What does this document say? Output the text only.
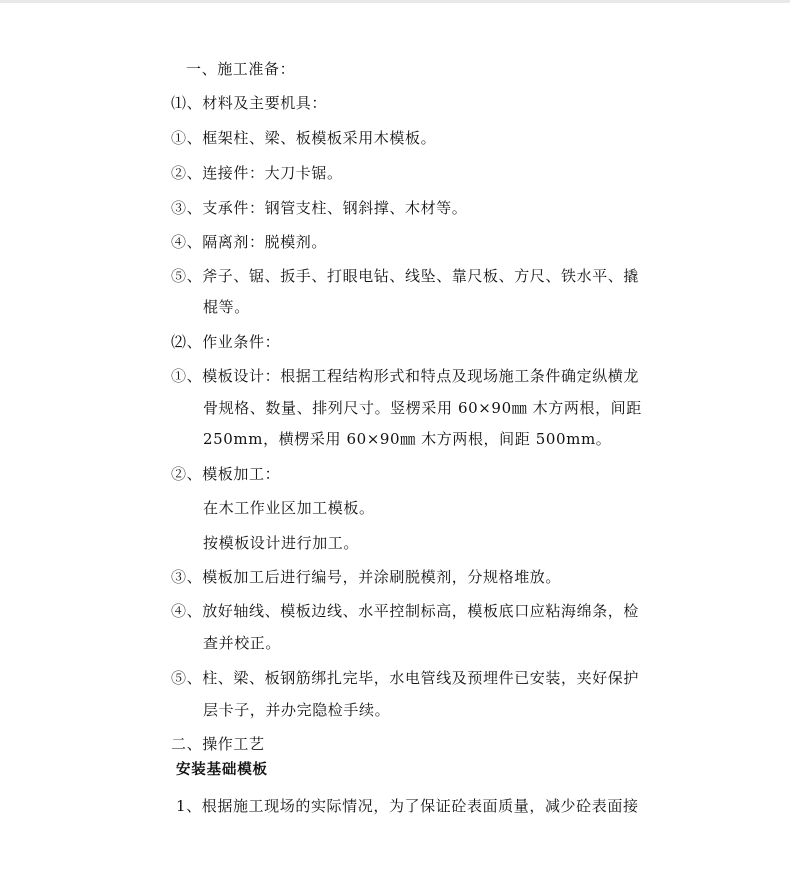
一、施工准备：
⑴、材料及主要机具：
①、框架柱、梁、板模板采用木模板。
②、连接件：大刀卡锯。
③、支承件：钢管支柱、钢斜撑、木材等。
④、隔离剂：脱模剂。
⑤、斧子、锯、扳手、打眼电钻、线坠、靠尺板、方尺、铁水平、撬
棍等。
⑵、作业条件：
①、模板设计：根据工程结构形式和特点及现场施工条件确定纵横龙
骨规格、数量、排列尺寸。竖楞采用 60×90㎜ 木方两根，间距
250mm，横楞采用 60×90㎜ 木方两根，间距 500mm。
②、模板加工：
在木工作业区加工模板。
按模板设计进行加工。
③、模板加工后进行编号，并涂刷脱模剂，分规格堆放。
④、放好轴线、模板边线、水平控制标高，模板底口应粘海绵条，检
查并校正。
⑤、柱、梁、板钢筋绑扎完毕，水电管线及预埋件已安装，夹好保护
层卡子，并办完隐检手续。
二、操作工艺
安装基础模板
1、根据施工现场的实际情况，为了保证砼表面质量，减少砼表面接
